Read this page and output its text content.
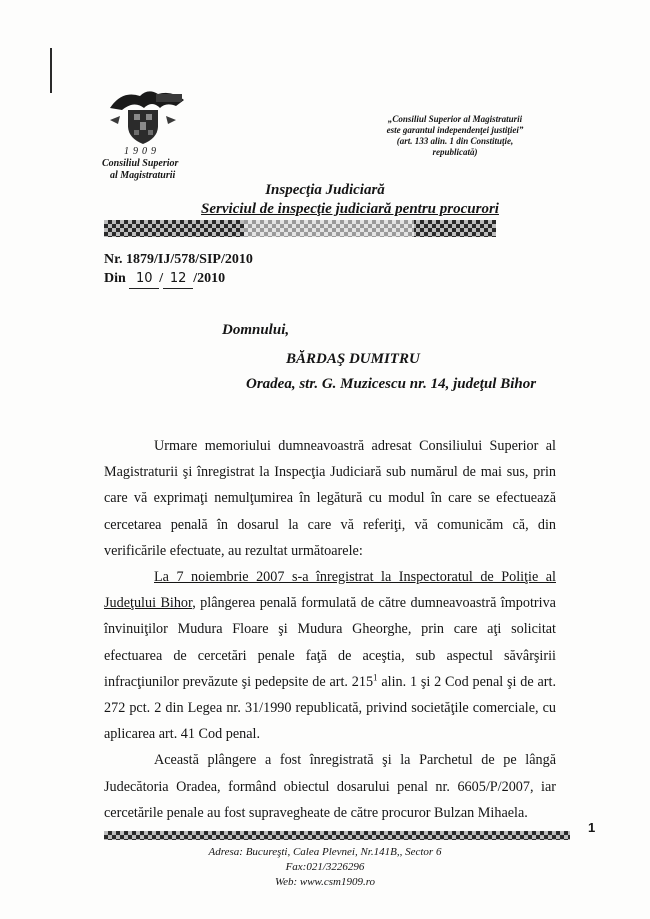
1909
Consiliul Superior
al Magistraturii
„Consiliul Superior al Magistraturii
este garantul independenţei justiţiei”
(art. 133 alin. 1 din Constituţie,
republicată)
Inspecţia Judiciară
Serviciul de inspecţie judiciară pentru procurori
Nr. 1879/IJ/578/SIP/2010
Din 10 / 12 /2010
Domnului,
BĂRDAŞ DUMITRU
Oradea, str. G. Muzicescu nr. 14, judeţul Bihor

Urmare memoriului dumneavoastră adresat Consiliului Superior al Magistraturii şi înregistrat la Inspecţia Judiciară sub numărul de mai sus, prin care vă exprimaţi nemulţumirea în legătură cu modul în care se efectuează cercetarea penală în dosarul la care vă referiţi, vă comunicăm că, din verificările efectuate, au rezultat următoarele:

La 7 noiembrie 2007 s-a înregistrat la Inspectoratul de Poliţie al Judeţului Bihor, plângerea penală formulată de către dumneavoastră împotriva învinuiţilor Mudura Floare şi Mudura Gheorghe, prin care aţi solicitat efectuarea de cercetări penale faţă de aceştia, sub aspectul săvârşirii infracţiunilor prevăzute şi pedepsite de art. $215^1$ alin. 1 şi 2 Cod penal şi de art. 272 pct. 2 din Legea nr. 31/1990 republicată, privind societăţile comerciale, cu aplicarea art. 41 Cod penal.

Această plângere a fost înregistrată şi la Parchetul de pe lângă Judecătoria Oradea, formând obiectul dosarului penal nr. 6605/P/2007, iar cercetările penale au fost supravegheate de către procuror Bulzan Mihaela.

1
Adresa: Bucureşti, Calea Plevnei, Nr.141B,, Sector 6
Fax:021/3226296
Web: www.csm1909.ro
